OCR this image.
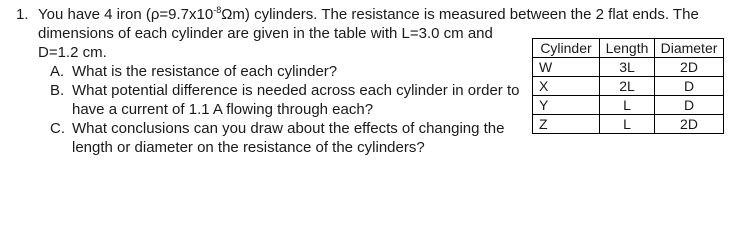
1. You have 4 iron $(\rho=9.7x10^{-8}\Omega m)$ cylinders. The resistance is measured between the 2 flat ends. The
dimensions of each cylinder are given in the table with L=3.0 cm and
D=1.2 cm.
A. What is the resistance of each cylinder?
B. What potential difference is needed across each cylinder in order to
have a current of 1.1 A flowing through each?
C. What conclusions can you draw about the effects of changing the
length or diameter on the resistance of the cylinders?
Cylinder	Length	Diameter
W	3L	2D
X	2L	D
Y	L	D
Z	L	2D
